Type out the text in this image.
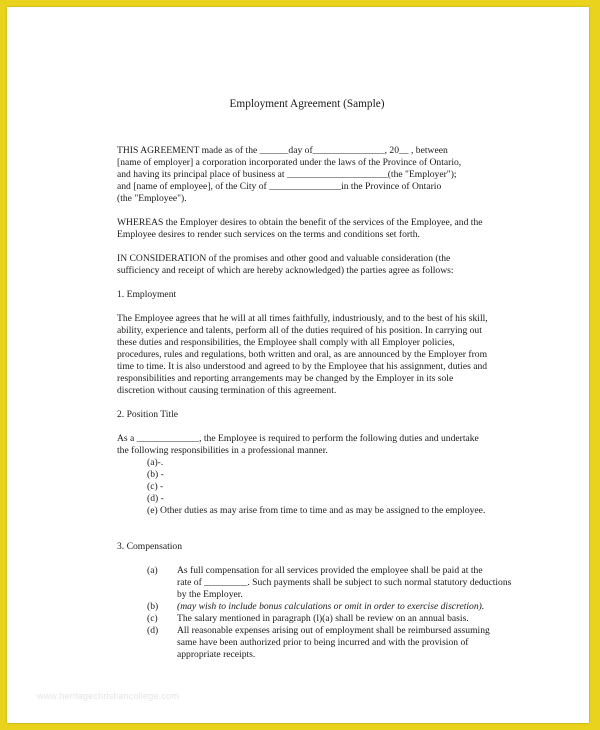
Employment Agreement (Sample)

THIS AGREEMENT made as of the ______day of_______________, 20__ , between
[name of employer] a corporation incorporated under the laws of the Province of Ontario,
and having its principal place of business at _____________________(the "Employer");
and [name of employee], of the City of _______________in the Province of Ontario
(the "Employee").

WHEREAS the Employer desires to obtain the benefit of the services of the Employee, and the
Employee desires to render such services on the terms and conditions set forth.

IN CONSIDERATION of the promises and other good and valuable consideration (the
sufficiency and receipt of which are hereby acknowledged) the parties agree as follows:

1. Employment

The Employee agrees that he will at all times faithfully, industriously, and to the best of his skill,
ability, experience and talents, perform all of the duties required of his position. In carrying out
these duties and responsibilities, the Employee shall comply with all Employer policies,
procedures, rules and regulations, both written and oral, as are announced by the Employer from
time to time. It is also understood and agreed to by the Employee that his assignment, duties and
responsibilities and reporting arrangements may be changed by the Employer in its sole
discretion without causing termination of this agreement.

2. Position Title

As a _____________, the Employee is required to perform the following duties and undertake
the following responsibilities in a professional manner.

(a)-.
(b) -
(c) -
(d) -
(e) Other duties as may arise from time to time and as may be assigned to the employee.

3. Compensation

(a)	As full compensation for all services provided the employee shall be paid at the
rate of _________. Such payments shall be subject to such normal statutory deductions
by the Employer.
(b)	(may wish to include bonus calculations or omit in order to exercise discretion).
(c)	The salary mentioned in paragraph (l)(a) shall be review on an annual basis.
(d)	All reasonable expenses arising out of employment shall be reimbursed assuming
same have been authorized prior to being incurred and with the provision of
appropriate receipts.
www.heritagechristiancollege.com
